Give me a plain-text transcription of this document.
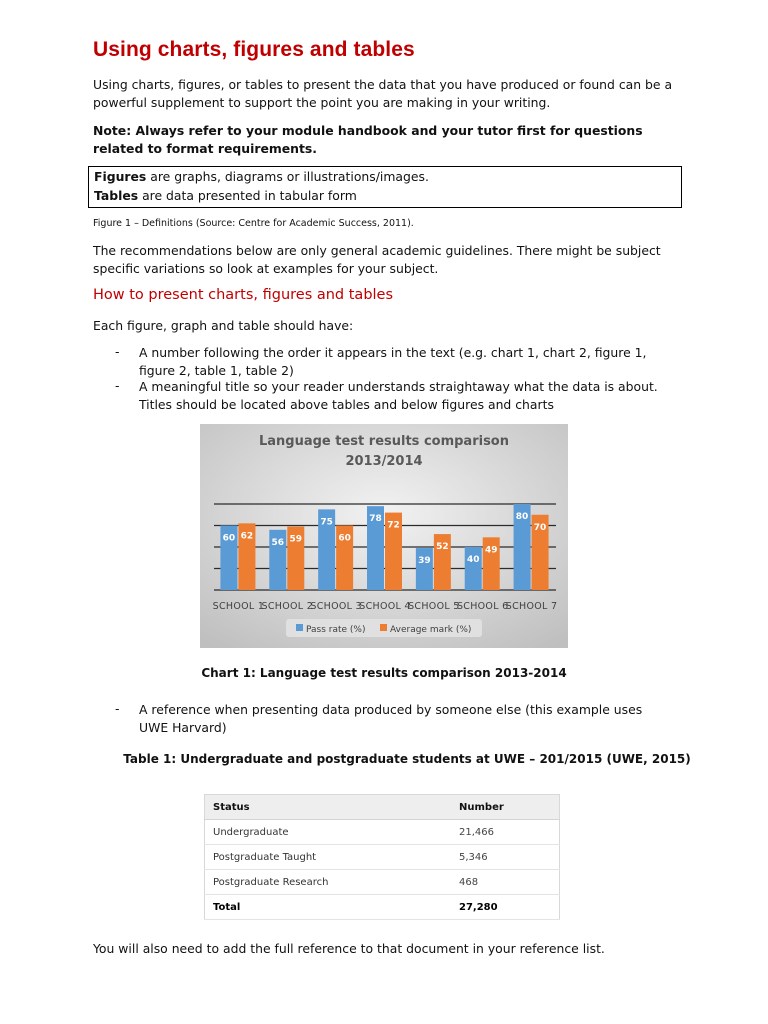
Using charts, figures and tables
Using charts, figures, or tables to present the data that you have produced or found can be a powerful supplement to support the point you are making in your writing.
Note: Always refer to your module handbook and your tutor first for questions related to format requirements.
Figures are graphs, diagrams or illustrations/images.
Tables are data presented in tabular form
Figure 1 – Definitions (Source: Centre for Academic Success, 2011).
The recommendations below are only general academic guidelines. There might be subject specific variations so look at examples for your subject.
How to present charts, figures and tables
Each figure, graph and table should have:
- A number following the order it appears in the text (e.g. chart 1, chart 2, figure 1, figure 2, table 1, table 2)
- A meaningful title so your reader understands straightaway what the data is about. Titles should be located above tables and below figures and charts
Language test results comparison
2013/2014
60 62
SCHOOL 1
56 59
SCHOOL 2
75
60
SCHOOL 3
78
72
SCHOOL 4
39
52
SCHOOL 5
40
49
SCHOOL 6
80
70
SCHOOL 7
Pass rate (%)	Average mark (%)
Chart 1: Language test results comparison 2013-2014
- A reference when presenting data produced by someone else (this example uses UWE Harvard)
Table 1: Undergraduate and postgraduate students at UWE – 201/2015 (UWE, 2015)
Status	Number
Undergraduate	21,466
Postgraduate Taught	5,346
Postgraduate Research	468
Total	27,280
You will also need to add the full reference to that document in your reference list.
